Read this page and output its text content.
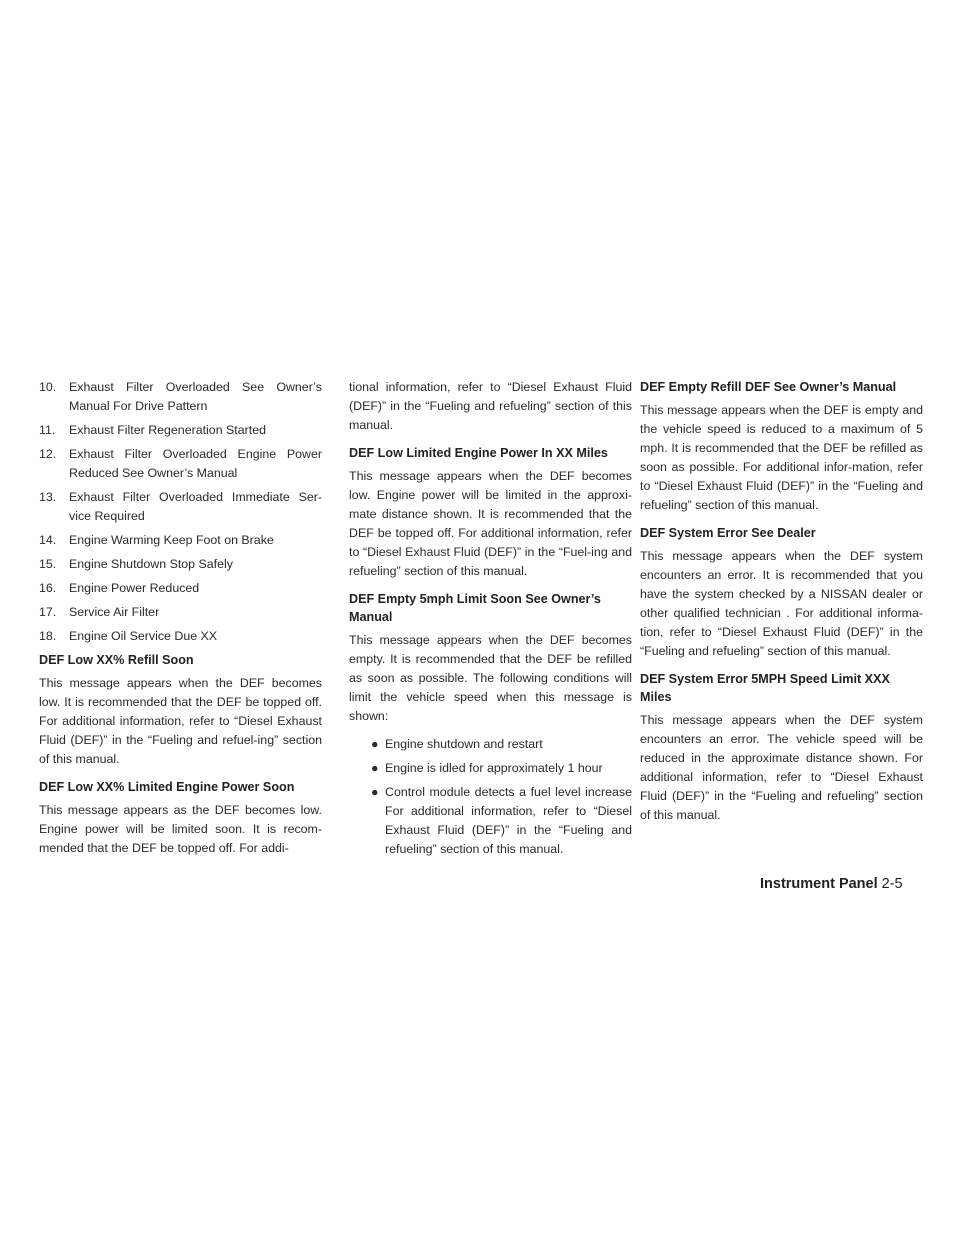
10. Exhaust Filter Overloaded See Owner’s Manual For Drive Pattern
11. Exhaust Filter Regeneration Started
12. Exhaust Filter Overloaded Engine Power Reduced See Owner’s Manual
13. Exhaust Filter Overloaded Immediate Ser-vice Required
14. Engine Warming Keep Foot on Brake
15. Engine Shutdown Stop Safely
16. Engine Power Reduced
17. Service Air Filter
18. Engine Oil Service Due XX
DEF Low XX% Refill Soon
This message appears when the DEF becomes low. It is recommended that the DEF be topped off. For additional information, refer to “Diesel Exhaust Fluid (DEF)” in the “Fueling and refuel-ing” section of this manual.
DEF Low XX% Limited Engine Power Soon
This message appears as the DEF becomes low. Engine power will be limited soon. It is recom-mended that the DEF be topped off. For addi-
tional information, refer to “Diesel Exhaust Fluid (DEF)” in the “Fueling and refueling” section of this manual.
DEF Low Limited Engine Power In XX Miles
This message appears when the DEF becomes low. Engine power will be limited in the approxi-mate distance shown. It is recommended that the DEF be topped off. For additional information, refer to “Diesel Exhaust Fluid (DEF)” in the “Fuel-ing and refueling” section of this manual.
DEF Empty 5mph Limit Soon See Owner’s Manual
This message appears when the DEF becomes empty. It is recommended that the DEF be refilled as soon as possible. The following conditions will limit the vehicle speed when this message is shown:
● Engine shutdown and restart
● Engine is idled for approximately 1 hour
● Control module detects a fuel level increase For additional information, refer to “Diesel Exhaust Fluid (DEF)” in the “Fueling and refueling” section of this manual.
DEF Empty Refill DEF See Owner’s Manual
This message appears when the DEF is empty and the vehicle speed is reduced to a maximum of 5 mph. It is recommended that the DEF be refilled as soon as possible. For additional infor-mation, refer to “Diesel Exhaust Fluid (DEF)” in the “Fueling and refueling” section of this manual.
DEF System Error See Dealer
This message appears when the DEF system encounters an error. It is recommended that you have the system checked by a NISSAN dealer or other qualified technician . For additional informa-tion, refer to “Diesel Exhaust Fluid (DEF)” in the “Fueling and refueling” section of this manual.
DEF System Error 5MPH Speed Limit XXX Miles
This message appears when the DEF system encounters an error. The vehicle speed will be reduced in the approximate distance shown. For additional information, refer to “Diesel Exhaust Fluid (DEF)” in the “Fueling and refueling” section of this manual.
Instrument Panel 2-5
